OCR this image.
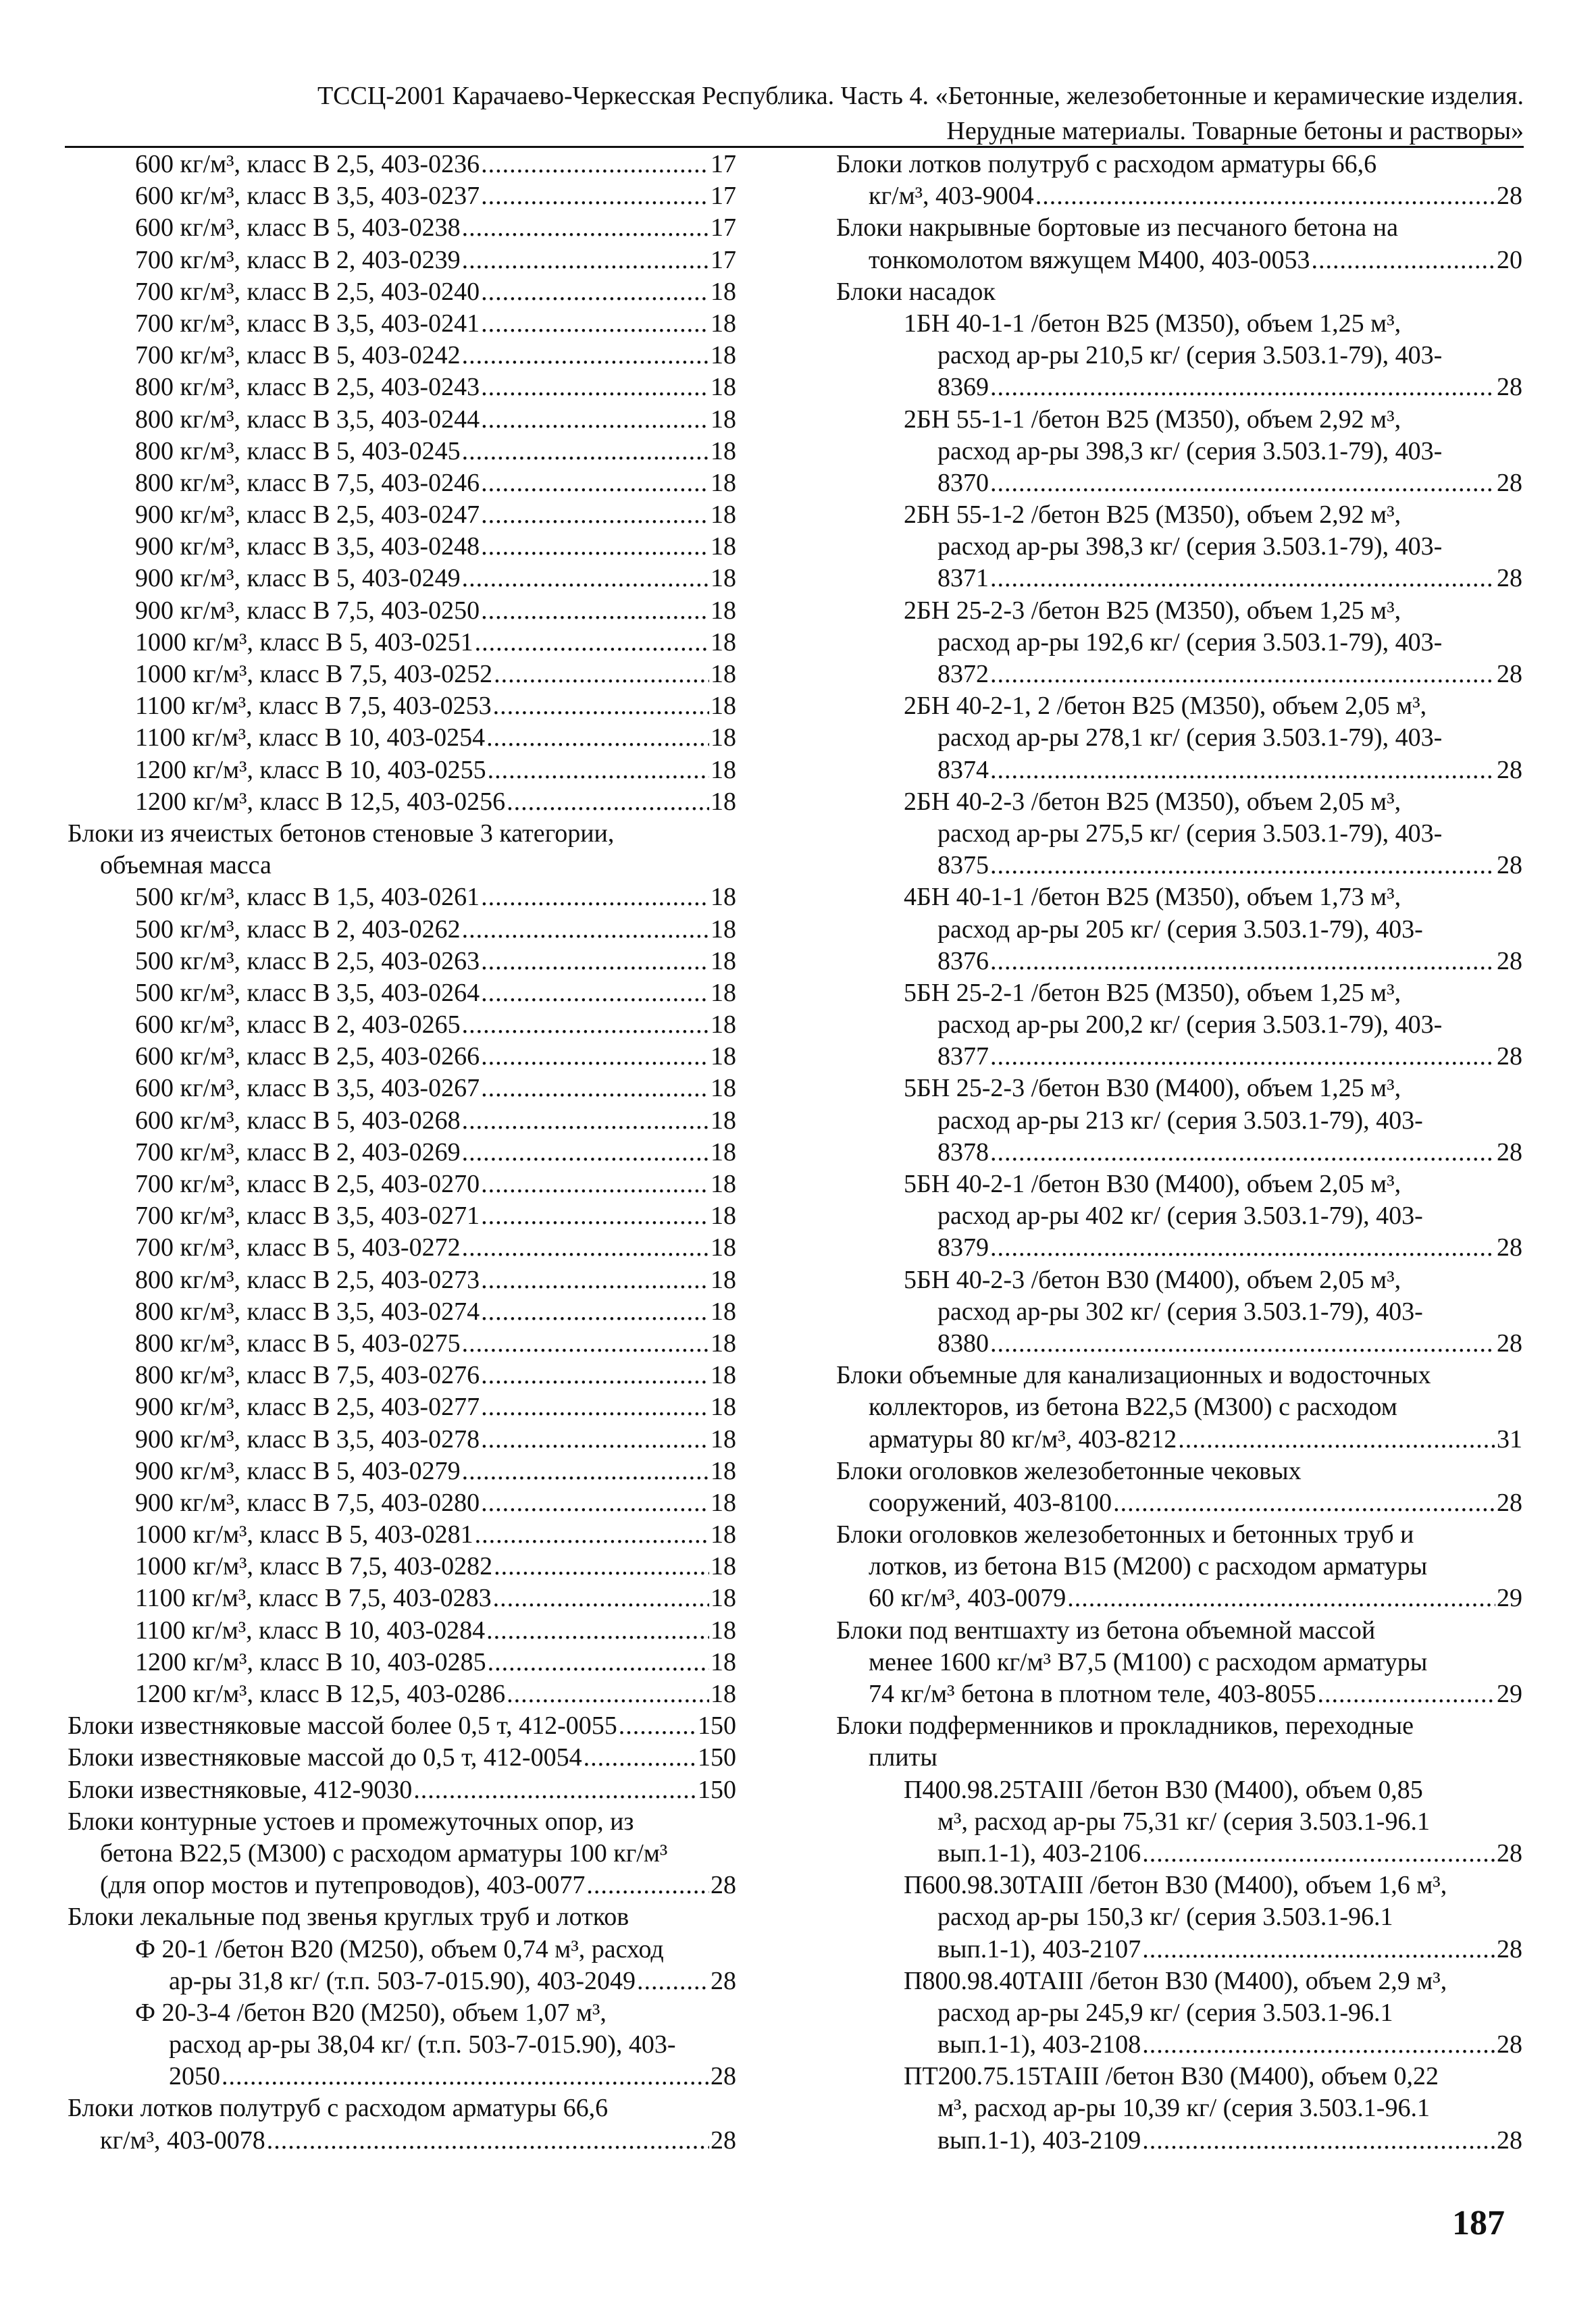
ТССЦ-2001 Карачаево-Черкесская Республика. Часть 4. «Бетонные, железобетонные и керамические изделия.
Нерудные материалы. Товарные бетоны и растворы»
600 кг/м³, класс В 2,5, 403-0236 .....	17
600 кг/м³, класс В 3,5, 403-0237 .....	17
600 кг/м³, класс В 5, 403-0238 .....	17
700 кг/м³, класс В 2, 403-0239 .....	17
700 кг/м³, класс В 2,5, 403-0240 .....	18
700 кг/м³, класс В 3,5, 403-0241 .....	18
700 кг/м³, класс В 5, 403-0242 .....	18
800 кг/м³, класс В 2,5, 403-0243 .....	18
800 кг/м³, класс В 3,5, 403-0244 .....	18
800 кг/м³, класс В 5, 403-0245 .....	18
800 кг/м³, класс В 7,5, 403-0246 .....	18
900 кг/м³, класс В 2,5, 403-0247 .....	18
900 кг/м³, класс В 3,5, 403-0248 .....	18
900 кг/м³, класс В 5, 403-0249 .....	18
900 кг/м³, класс В 7,5, 403-0250 .....	18
1000 кг/м³, класс В 5, 403-0251 .....	18
1000 кг/м³, класс В 7,5, 403-0252 .....	18
1100 кг/м³, класс В 7,5, 403-0253 .....	18
1100 кг/м³, класс В 10, 403-0254 .....	18
1200 кг/м³, класс В 10, 403-0255 .....	18
1200 кг/м³, класс В 12,5, 403-0256 .....	18
Блоки из ячеистых бетонов стеновые 3 категории,
объемная масса
500 кг/м³, класс В 1,5, 403-0261 .....	18
500 кг/м³, класс В 2, 403-0262 .....	18
500 кг/м³, класс В 2,5, 403-0263 .....	18
500 кг/м³, класс В 3,5, 403-0264 .....	18
600 кг/м³, класс В 2, 403-0265 .....	18
600 кг/м³, класс В 2,5, 403-0266 .....	18
600 кг/м³, класс В 3,5, 403-0267 .....	18
600 кг/м³, класс В 5, 403-0268 .....	18
700 кг/м³, класс В 2, 403-0269 .....	18
700 кг/м³, класс В 2,5, 403-0270 .....	18
700 кг/м³, класс В 3,5, 403-0271 .....	18
700 кг/м³, класс В 5, 403-0272 .....	18
800 кг/м³, класс В 2,5, 403-0273 .....	18
800 кг/м³, класс В 3,5, 403-0274 .....	18
800 кг/м³, класс В 5, 403-0275 .....	18
800 кг/м³, класс В 7,5, 403-0276 .....	18
900 кг/м³, класс В 2,5, 403-0277 .....	18
900 кг/м³, класс В 3,5, 403-0278 .....	18
900 кг/м³, класс В 5, 403-0279 .....	18
900 кг/м³, класс В 7,5, 403-0280 .....	18
1000 кг/м³, класс В 5, 403-0281 .....	18
1000 кг/м³, класс В 7,5, 403-0282 .....	18
1100 кг/м³, класс В 7,5, 403-0283 .....	18
1100 кг/м³, класс В 10, 403-0284 .....	18
1200 кг/м³, класс В 10, 403-0285 .....	18
1200 кг/м³, класс В 12,5, 403-0286 .....	18
Блоки известняковые массой более 0,5 т, 412-0055 .....	150
Блоки известняковые массой до 0,5 т, 412-0054 .....	150
Блоки известняковые, 412-9030 .....	150
Блоки контурные устоев и промежуточных опор, из
бетона В22,5 (М300) с расходом арматуры 100 кг/м³
(для опор мостов и путепроводов), 403-0077 .....	28
Блоки лекальные под звенья круглых труб и лотков
Ф 20-1 /бетон В20 (М250), объем 0,74 м³, расход
ар-ры 31,8 кг/ (т.п. 503-7-015.90), 403-2049 .....	28
Ф 20-3-4 /бетон В20 (М250), объем 1,07 м³,
расход ар-ры 38,04 кг/ (т.п. 503-7-015.90), 403-
2050 .....	28
Блоки лотков полутруб с расходом арматуры 66,6
кг/м³, 403-0078 .....	28
Блоки лотков полутруб с расходом арматуры 66,6
кг/м³, 403-9004 .....	28
Блоки накрывные бортовые из песчаного бетона на
тонкомолотом вяжущем М400, 403-0053 .....	20
Блоки насадок
1БН 40-1-1 /бетон В25 (М350), объем 1,25 м³,
расход ар-ры 210,5 кг/ (серия 3.503.1-79), 403-
8369 .....	28
2БН 55-1-1 /бетон В25 (М350), объем 2,92 м³,
расход ар-ры 398,3 кг/ (серия 3.503.1-79), 403-
8370 .....	28
2БН 55-1-2 /бетон В25 (М350), объем 2,92 м³,
расход ар-ры 398,3 кг/ (серия 3.503.1-79), 403-
8371 .....	28
2БН 25-2-3 /бетон В25 (М350), объем 1,25 м³,
расход ар-ры 192,6 кг/ (серия 3.503.1-79), 403-
8372 .....	28
2БН 40-2-1, 2 /бетон В25 (М350), объем 2,05 м³,
расход ар-ры 278,1 кг/ (серия 3.503.1-79), 403-
8374 .....	28
2БН 40-2-3 /бетон В25 (М350), объем 2,05 м³,
расход ар-ры 275,5 кг/ (серия 3.503.1-79), 403-
8375 .....	28
4БН 40-1-1 /бетон В25 (М350), объем 1,73 м³,
расход ар-ры 205 кг/ (серия 3.503.1-79), 403-
8376 .....	28
5БН 25-2-1 /бетон В25 (М350), объем 1,25 м³,
расход ар-ры 200,2 кг/ (серия 3.503.1-79), 403-
8377 .....	28
5БН 25-2-3 /бетон В30 (М400), объем 1,25 м³,
расход ар-ры 213 кг/ (серия 3.503.1-79), 403-
8378 .....	28
5БН 40-2-1 /бетон В30 (М400), объем 2,05 м³,
расход ар-ры 402 кг/ (серия 3.503.1-79), 403-
8379 .....	28
5БН 40-2-3 /бетон В30 (М400), объем 2,05 м³,
расход ар-ры 302 кг/ (серия 3.503.1-79), 403-
8380 .....	28
Блоки объемные для канализационных и водосточных
коллекторов, из бетона В22,5 (М300) с расходом
арматуры 80 кг/м³, 403-8212 .....	31
Блоки оголовков железобетонные чековых
сооружений, 403-8100 .....	28
Блоки оголовков железобетонных и бетонных труб и
лотков, из бетона В15 (М200) с расходом арматуры
60 кг/м³, 403-0079 .....	29
Блоки под вентшахту из бетона объемной массой
менее 1600 кг/м³ В7,5 (М100) с расходом арматуры
74 кг/м³ бетона в плотном теле, 403-8055 .....	29
Блоки подферменников и прокладников, переходные
плиты
П400.98.25ТАIII /бетон В30 (М400), объем 0,85
м³, расход ар-ры 75,31 кг/ (серия 3.503.1-96.1
вып.1-1), 403-2106 .....	28
П600.98.30ТАIII /бетон В30 (М400), объем 1,6 м³,
расход ар-ры 150,3 кг/ (серия 3.503.1-96.1
вып.1-1), 403-2107 .....	28
П800.98.40ТАIII /бетон В30 (М400), объем 2,9 м³,
расход ар-ры 245,9 кг/ (серия 3.503.1-96.1
вып.1-1), 403-2108 .....	28
ПТ200.75.15ТАIII /бетон В30 (М400), объем 0,22
м³, расход ар-ры 10,39 кг/ (серия 3.503.1-96.1
вып.1-1), 403-2109 .....	28
187
